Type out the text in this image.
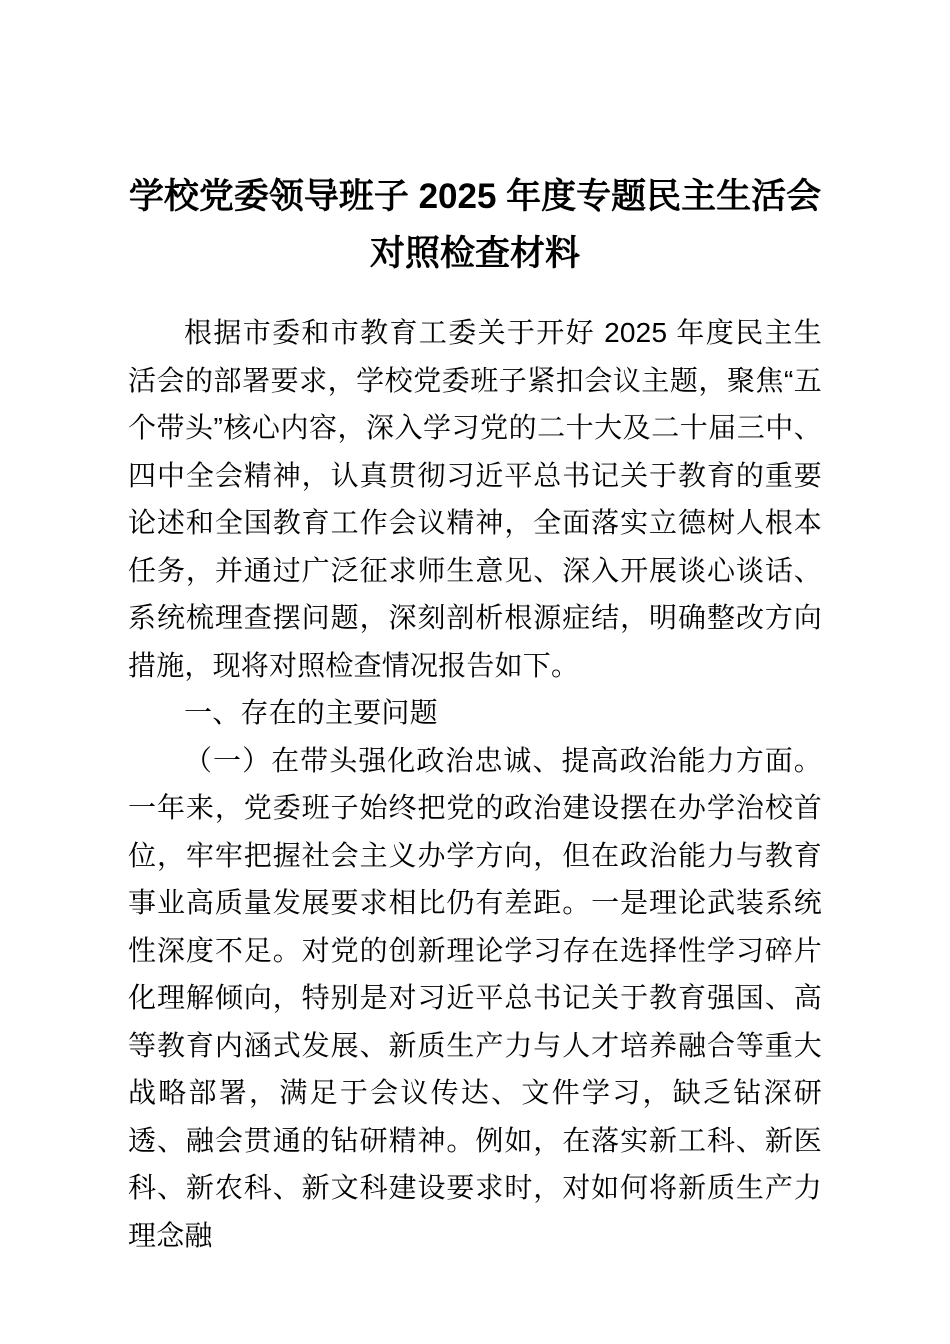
学校党委领导班子 2025 年度专题民主生活会对照检查材料

根据市委和市教育工委关于开好 2025 年度民主生活会的部署要求，学校党委班子紧扣会议主题，聚焦“五个带头”核心内容，深入学习党的二十大及二十届三中、四中全会精神，认真贯彻习近平总书记关于教育的重要论述和全国教育工作会议精神，全面落实立德树人根本任务，并通过广泛征求师生意见、深入开展谈心谈话、系统梳理查摆问题，深刻剖析根源症结，明确整改方向措施，现将对照检查情况报告如下。

一、存在的主要问题

（一）在带头强化政治忠诚、提高政治能力方面。一年来，党委班子始终把党的政治建设摆在办学治校首位，牢牢把握社会主义办学方向，但在政治能力与教育事业高质量发展要求相比仍有差距。一是理论武装系统性深度不足。对党的创新理论学习存在选择性学习碎片化理解倾向，特别是对习近平总书记关于教育强国、高等教育内涵式发展、新质生产力与人才培养融合等重大战略部署，满足于会议传达、文件学习，缺乏钻深研透、融会贯通的钻研精神。例如，在落实新工科、新医科、新农科、新文科建设要求时，对如何将新质生产力理念融
